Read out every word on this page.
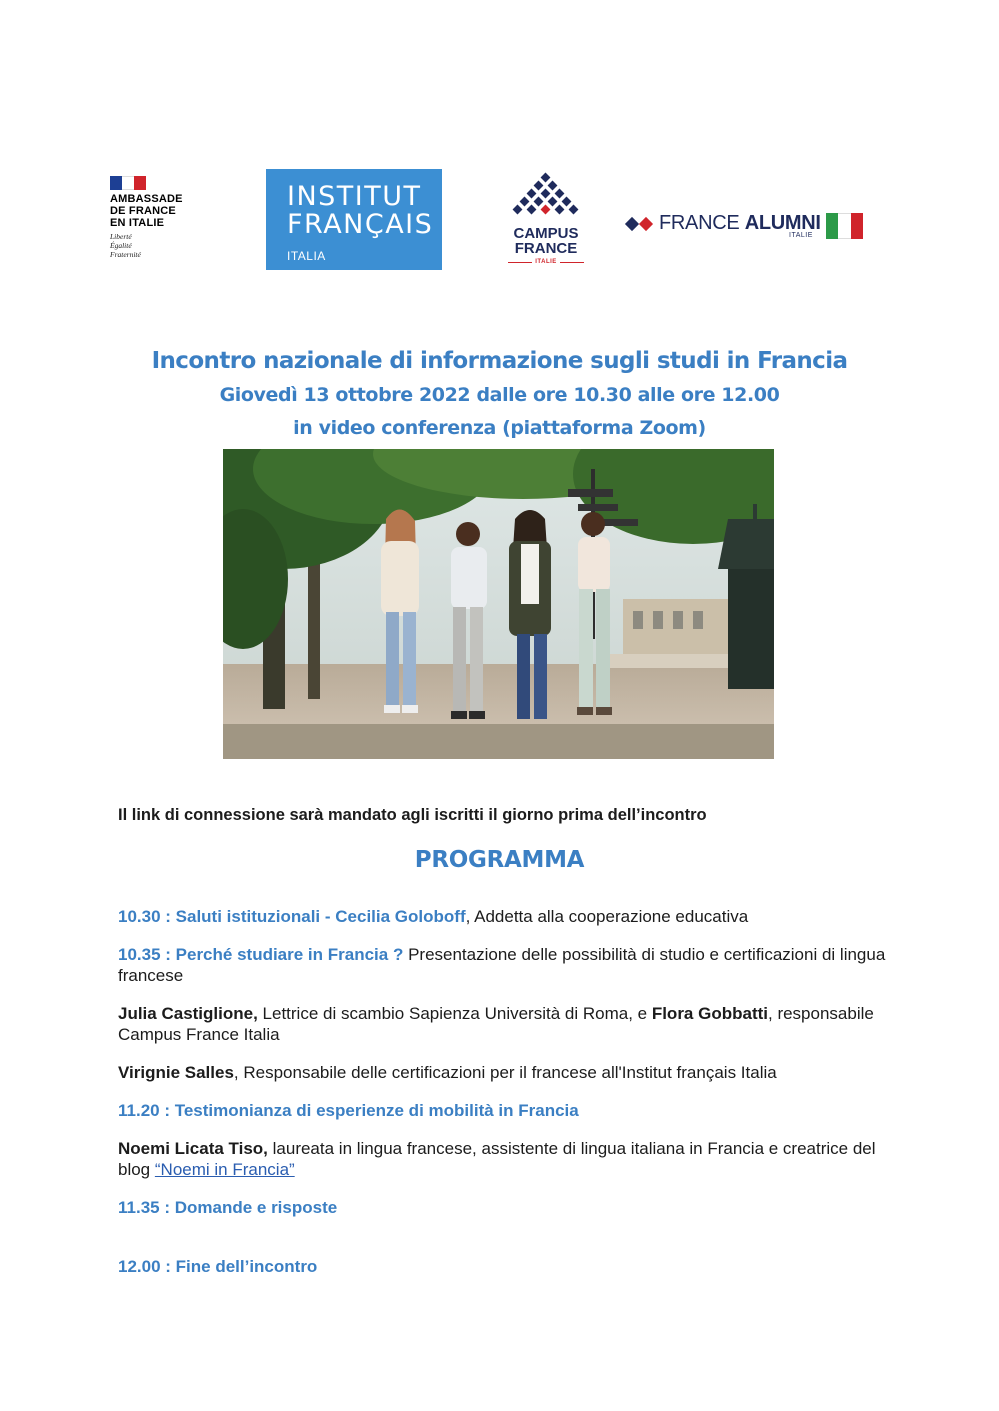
AMBASSADE
DE FRANCE
EN ITALIE
Liberté
Égalité
Fraternité
INSTITUT
FRANÇAIS
ITALIA
CAMPUS
FRANCE
ITALIE
FRANCE ALUMNI
ITALIE
Incontro nazionale di informazione sugli studi in Francia
Giovedì 13 ottobre 2022 dalle ore 10.30 alle ore 12.00
in video conferenza (piattaforma Zoom)
Il link di connessione sarà mandato agli iscritti il giorno prima dell’incontro
PROGRAMMA
10.30 : Saluti istituzionali - Cecilia Goloboff, Addetta alla cooperazione educativa
10.35 : Perché studiare in Francia ? Presentazione delle possibilità di studio e certificazioni di lingua francese
Julia Castiglione, Lettrice di scambio Sapienza Università di Roma, e Flora Gobbatti, responsabile Campus France Italia
Virignie Salles, Responsabile delle certificazioni per il francese all'Institut français Italia
11.20 : Testimonianza di esperienze di mobilità in Francia
Noemi Licata Tiso, laureata in lingua francese, assistente di lingua italiana in Francia e creatrice del blog “Noemi in Francia”
11.35 : Domande e risposte
12.00 : Fine dell’incontro
